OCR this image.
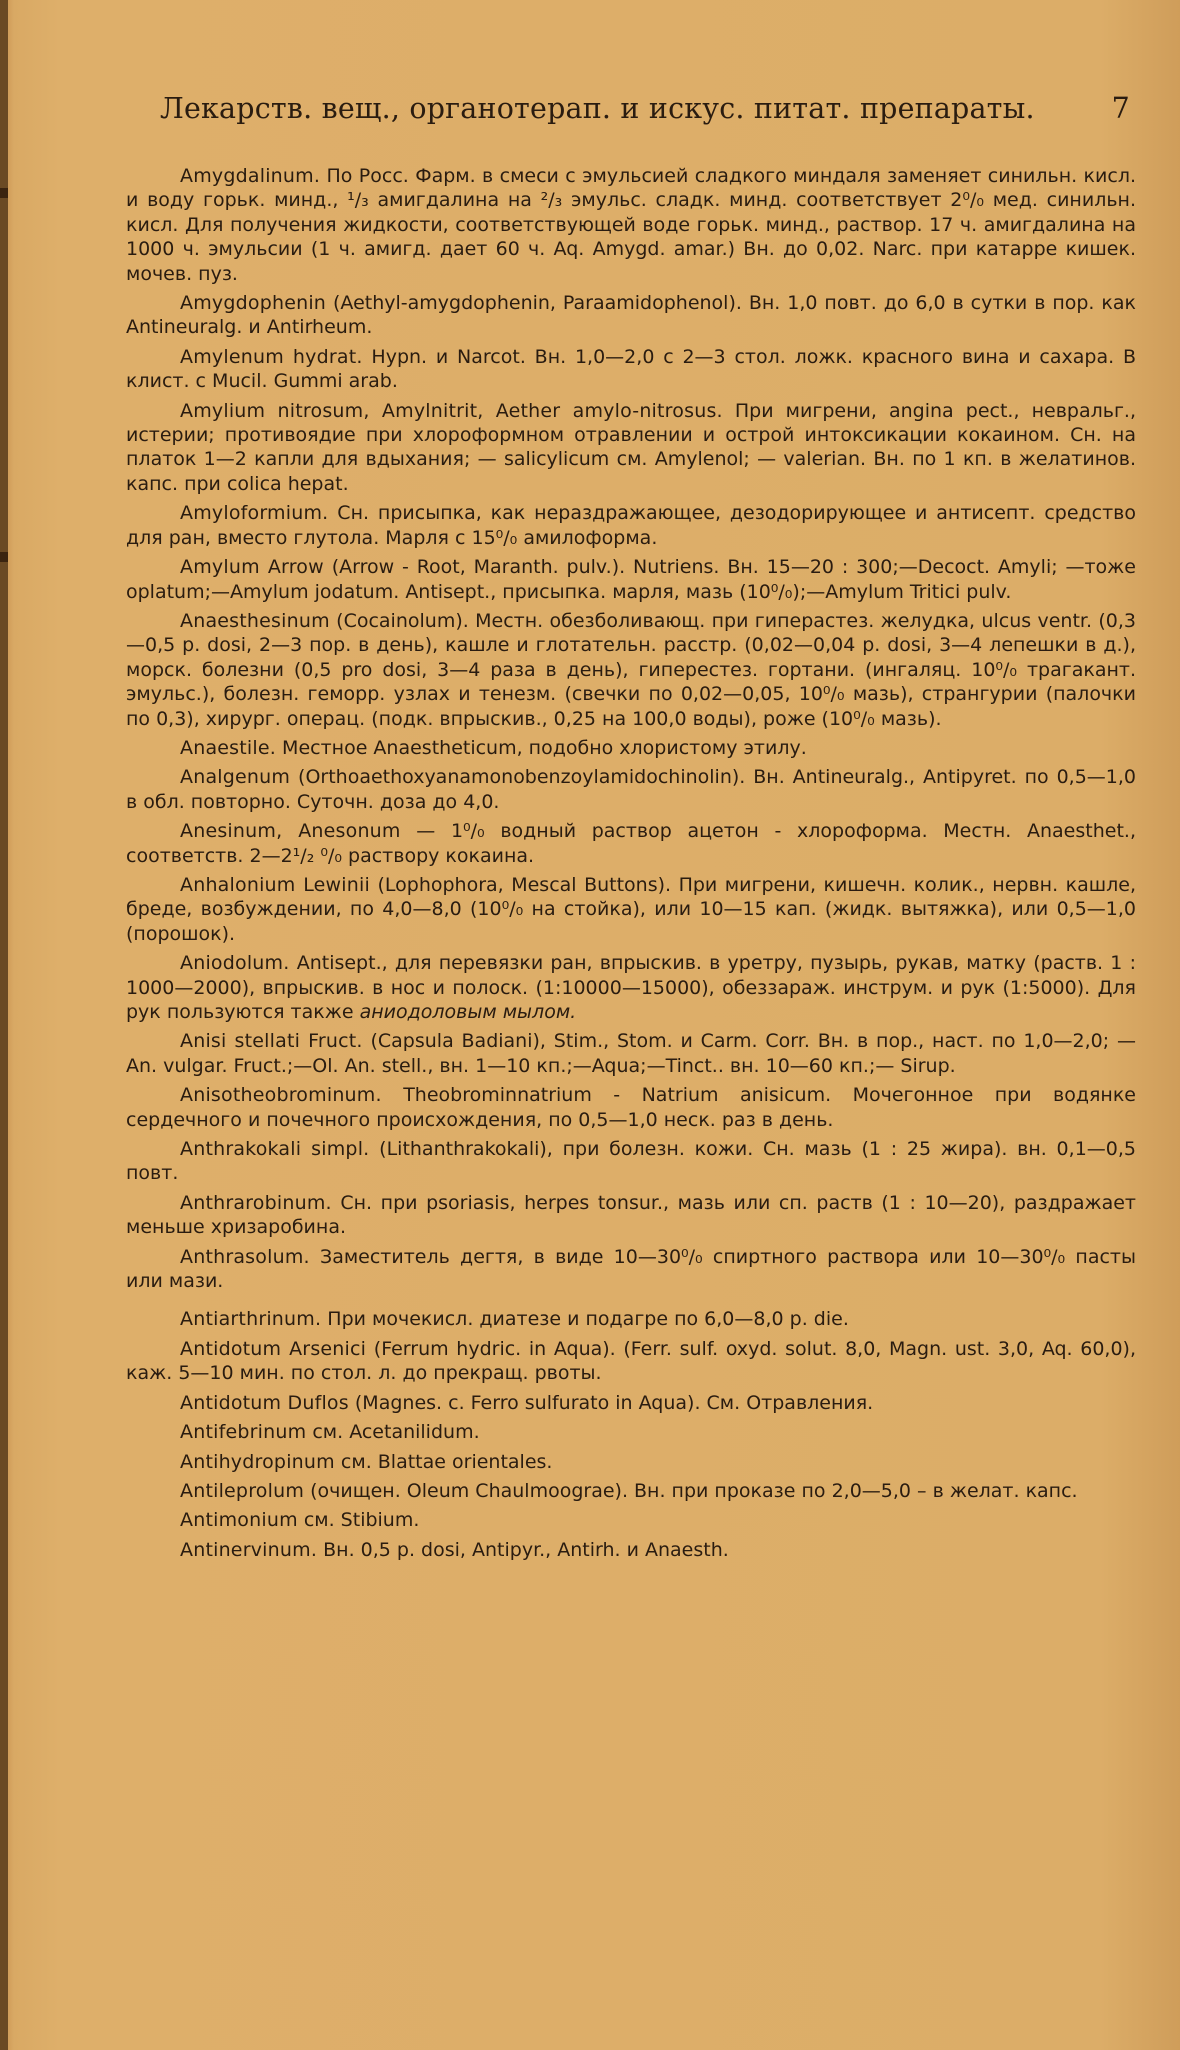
Лекарств. вещ., органотерап. и искус. питат. препараты.	7

Amygdalinum. По Росс. Фарм. в смеси с эмульсией сладкого миндаля заменяет синильн. кисл. и воду горьк. минд., ¹/₃ амигдалина на ²/₃ эмульс. сладк. минд. соответствует 2⁰/₀ мед. синильн. кисл. Для получения жидкости, соответствующей воде горьк. минд., раствор. 17 ч. амигдалина на 1000 ч. эмульсии (1 ч. амигд. дает 60 ч. Aq. Amygd. amar.) Вн. до 0,02. Narc. при катарре кишек. мочев. пуз.

Amygdophenin (Aethyl-amygdophenin, Paraamidophenol). Вн. 1,0 повт. до 6,0 в сутки в пор. как Antineuralg. и Antirheum.

Amylenum hydrat. Hypn. и Narcot. Вн. 1,0—2,0 с 2—3 стол. ложк. красного вина и сахара. В клист. с Mucil. Gummi arab.

Amylium nitrosum, Amylnitrit, Aether amylo-nitrosus. При мигрени, angina pect., невральг., истерии; противоядие при хлороформном отравлении и острой интоксикации кокаином. Сн. на платок 1—2 капли для вдыхания; — salicylicum см. Amylenol; — valerian. Вн. по 1 кп. в желатинов. капс. при colica hepat.

Amyloformium. Сн. присыпка, как нераздражающее, дезодорирующее и антисепт. средство для ран, вместо глутола. Марля с 15⁰/₀ амилоформа.

Amylum Arrow (Arrow - Root, Maranth. pulv.). Nutriens. Вн. 15—20 : 300;—Decoct. Amyli; —тоже oplatum;—Amylum jodatum. Antisept., присыпка. марля, мазь (10⁰/₀);—Amylum Tritici pulv.

Anaesthesinum (Cocainolum). Местн. обезболивающ. при гиперастез. желудка, ulcus ventr. (0,3—0,5 p. dosi, 2—3 пор. в день), кашле и глотательн. расстр. (0,02—0,04 p. dosi, 3—4 лепешки в д.), морск. болезни (0,5 pro dosi, 3—4 раза в день), гиперестез. гортани. (ингаляц. 10⁰/₀ трагакант. эмульс.), болезн. геморр. узлах и тенезм. (свечки по 0,02—0,05, 10⁰/₀ мазь), странгурии (палочки по 0,3), хирург. операц. (подк. впрыскив., 0,25 на 100,0 воды), роже (10⁰/₀ мазь).

Anaestile. Местное Anaestheticum, подобно хлористому этилу.

Analgenum (Orthoaethoxyanamonobenzoylamidochinolin). Вн. Antineuralg., Antipyret. по 0,5—1,0 в обл. повторно. Суточн. доза до 4,0.

Anesinum, Anesonum — 1⁰/₀ водный раствор ацетон - хлороформа. Местн. Anaesthet., соответств. 2—2¹/₂ ⁰/₀ раствору кокаина.

Anhalonium Lewinii (Lophophora, Mescal Buttons). При мигрени, кишечн. колик., нервн. кашле, бреде, возбуждении, по 4,0—8,0 (10⁰/₀ на стойка), или 10—15 кап. (жидк. вытяжка), или 0,5—1,0 (порошок).

Aniodolum. Antisept., для перевязки ран, впрыскив. в уретру, пузырь, рукав, матку (раств. 1 : 1000—2000), впрыскив. в нос и полоск. (1:10000—15000), обеззараж. инструм. и рук (1:5000). Для рук пользуются также аниодоловым мылом.

Anisi stellati Fruct. (Capsula Badiani), Stim., Stom. и Carm. Corr. Вн. в пор., наст. по 1,0—2,0; — An. vulgar. Fruct.;—Ol. An. stell., вн. 1—10 кп.;—Aqua;—Tinct.. вн. 10—60 кп.;— Sirup.

Anisotheobrominum. Theobrominnatrium - Natrium anisicum. Мочегонное при водянке сердечного и почечного происхождения, по 0,5—1,0 неск. раз в день.

Anthrakokali simpl. (Lithanthrakokali), при болезн. кожи. Сн. мазь (1 : 25 жира). вн. 0,1—0,5 повт.

Anthrarobinum. Сн. при psoriasis, herpes tonsur., мазь или сп. раств (1 : 10—20), раздражает меньше хризаробина.

Anthrasolum. Заместитель дегтя, в виде 10—30⁰/₀ спиртного раствора или 10—30⁰/₀ пасты или мази.

Antiarthrinum. При мочекисл. диатезе и подагре по 6,0—8,0 p. die.

Antidotum Arsenici (Ferrum hydric. in Aqua). (Ferr. sulf. oxyd. solut. 8,0, Magn. ust. 3,0, Aq. 60,0), каж. 5—10 мин. по стол. л. до прекращ. рвоты.

Antidotum Duflos (Magnes. c. Ferro sulfurato in Aqua). См. Отравления.

Antifebrinum см. Acetanilidum.

Antihydropinum см. Blattae orientales.

Antileprolum (очищен. Oleum Chaulmoograe). Вн. при проказе по 2,0—5,0 – в желат. капс.

Antimonium см. Stibium.

Antinervinum. Вн. 0,5 p. dosi, Antipyr., Antirh. и Anaesth.
